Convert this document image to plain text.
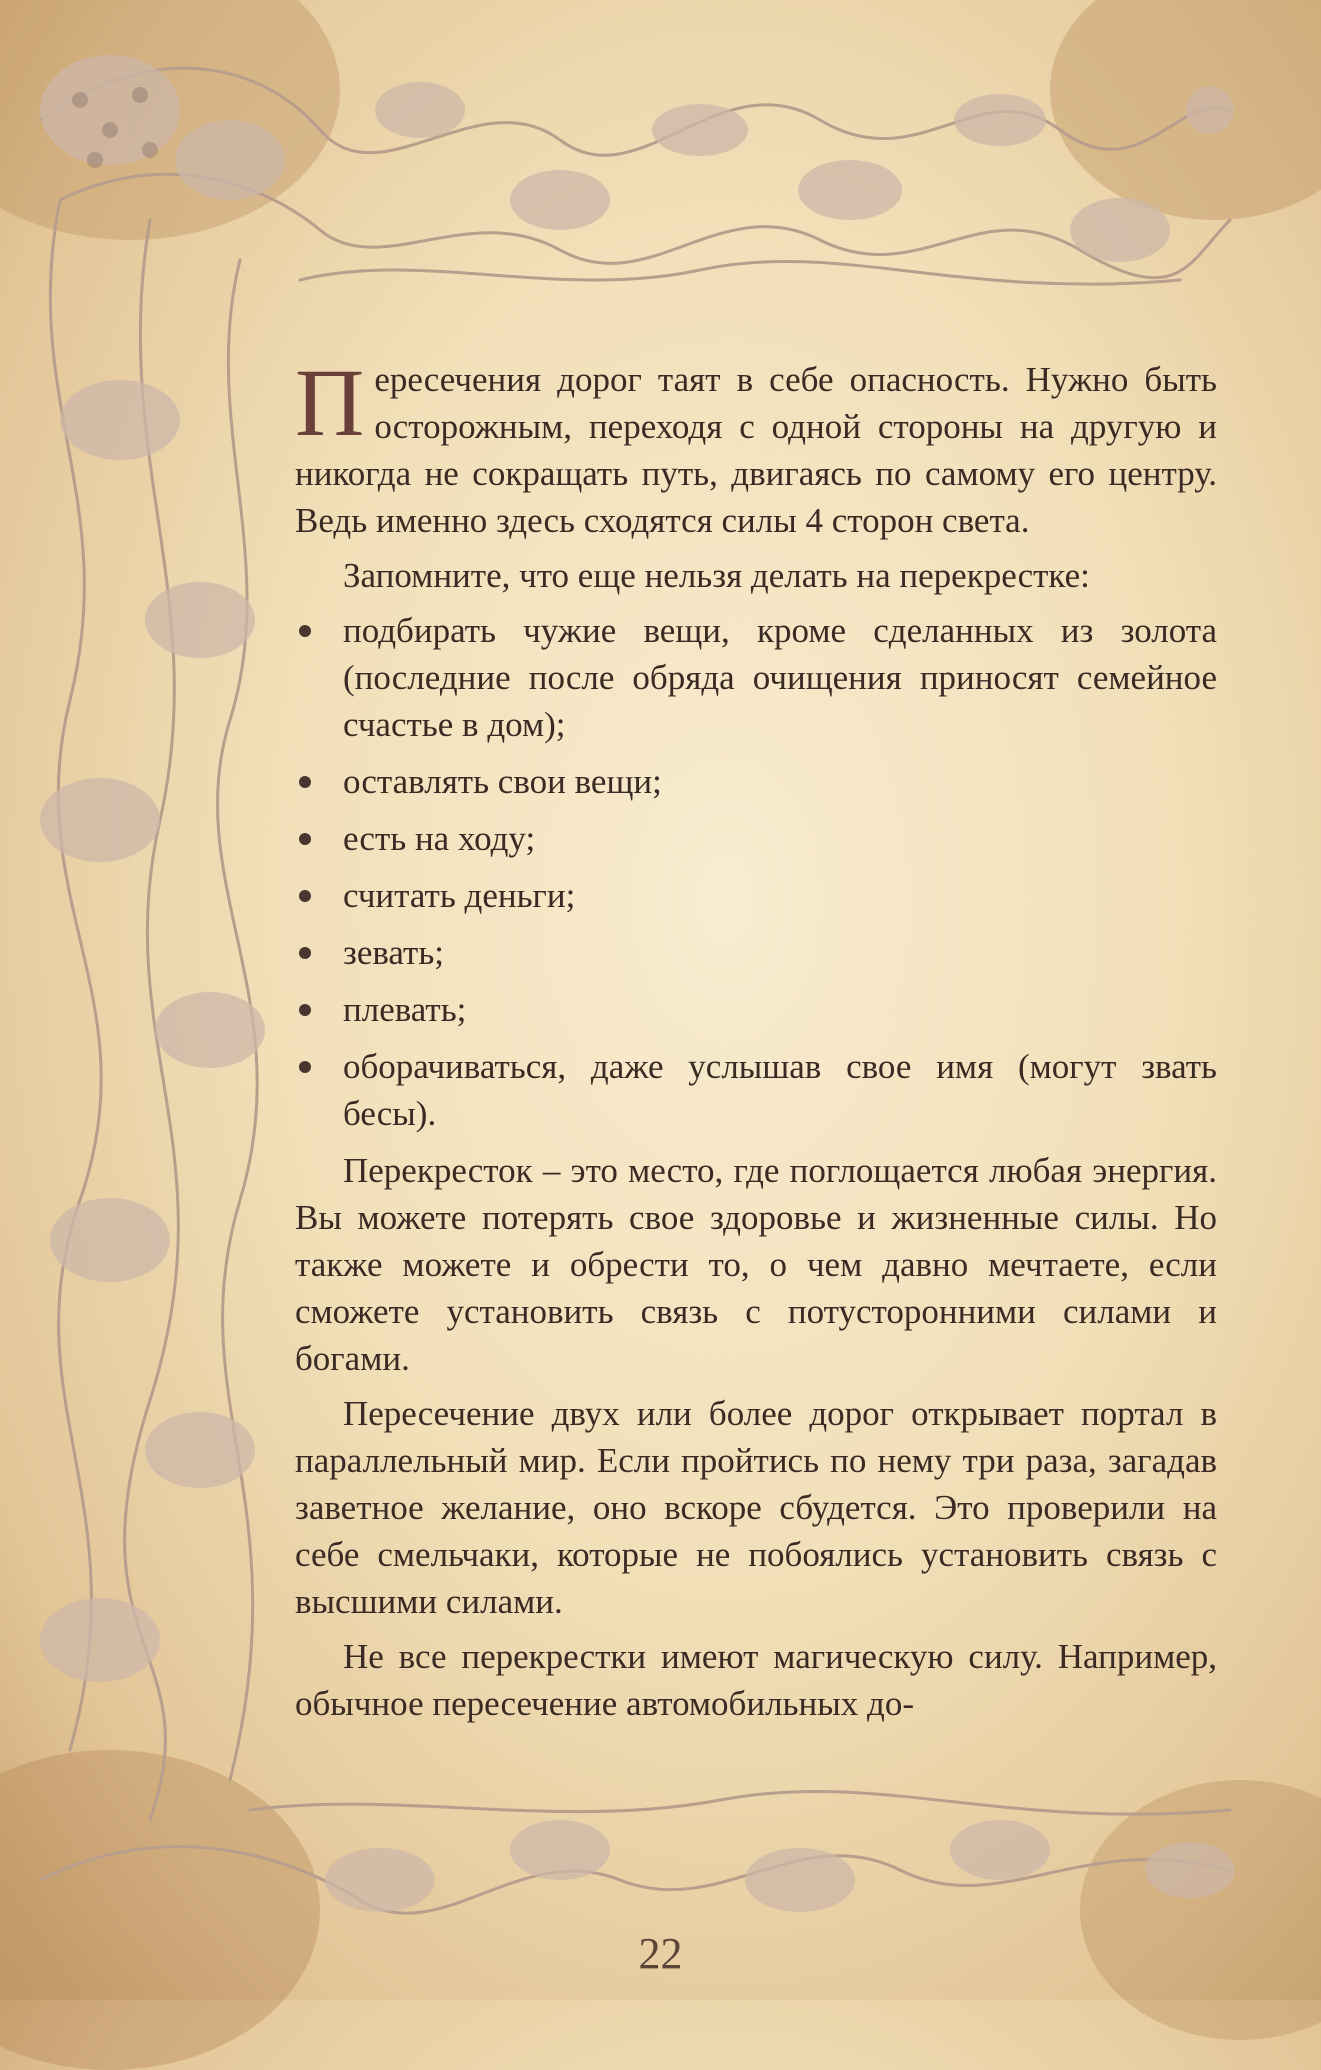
Пересечения дорог таят в себе опасность. Нужно быть осторожным, переходя с одной стороны на другую и никогда не сокращать путь, двигаясь по самому его центру. Ведь именно здесь сходятся силы 4 сторон света.

Запомните, что еще нельзя делать на перекрестке:

подбирать чужие вещи, кроме сделанных из золота (последние после обряда очищения приносят семейное счастье в дом);
оставлять свои вещи;
есть на ходу;
считать деньги;
зевать;
плевать;
оборачиваться, даже услышав свое имя (могут звать бесы).

Перекресток – это место, где поглощается любая энергия. Вы можете потерять свое здоровье и жизненные силы. Но также можете и обрести то, о чем давно мечтаете, если сможете установить связь с потусторонними силами и богами.

Пересечение двух или более дорог открывает портал в параллельный мир. Если пройтись по нему три раза, загадав заветное желание, оно вскоре сбудется. Это проверили на себе смельчаки, которые не побоялись установить связь с высшими силами.

Не все перекрестки имеют магическую силу. Например, обычное пересечение автомобильных до-

22
